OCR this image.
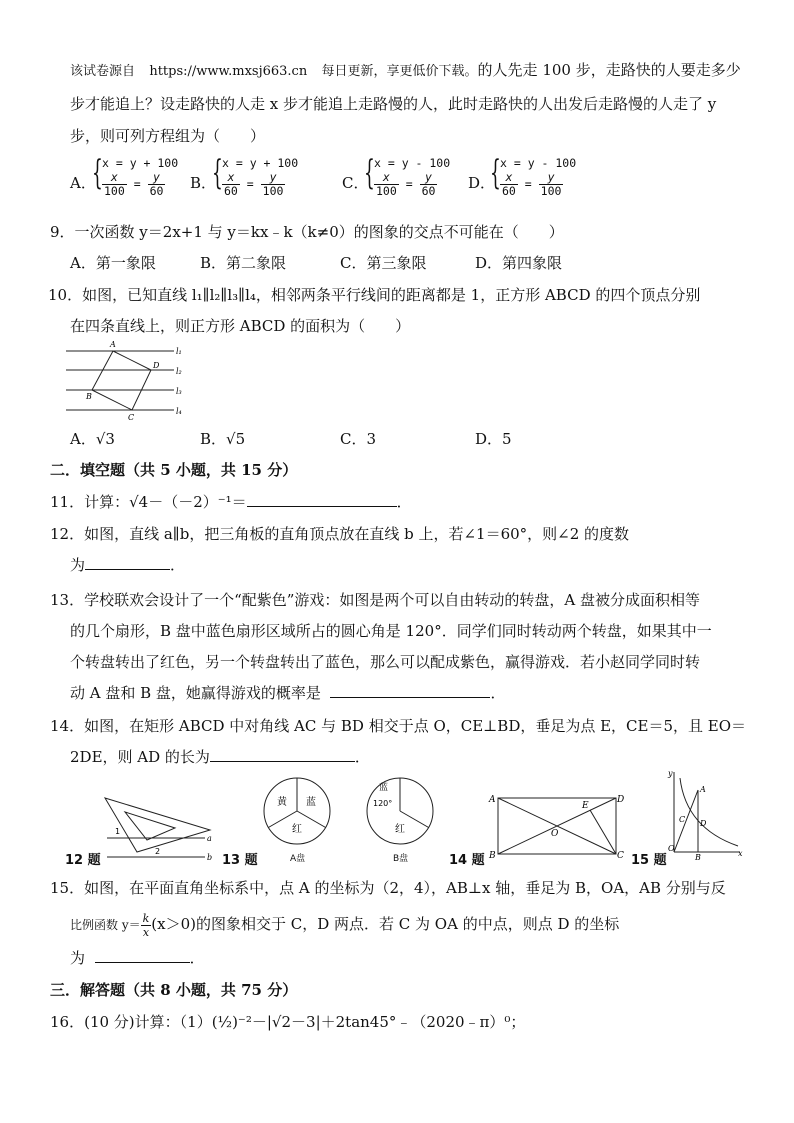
该试卷源自 https://www.mxsj663.cn 每日更新，享更低价下载。的人先走 100 步，走路快的人要走多少
步才能追上？设走路快的人走 x 步才能追上走路慢的人，此时走路快的人出发后走路慢的人走了 y
步，则可列方程组为（　　）
A．
{ x = y + 100
$\frac{x}{100} = \frac{y}{60}$ B．
{ x = y + 100
$\frac{x}{60} = \frac{y}{100}$	C．
{ x = y - 100
$\frac{x}{100} = \frac{y}{60}$ D．
{ x = y - 100
$\frac{x}{60} = \frac{y}{100}$
9．一次函数 y＝2x+1 与 y＝kx﹣k（k≠0）的图象的交点不可能在（　　）
A．第一象限	B．第二象限	C．第三象限	D．第四象限
10．如图，已知直线 l₁∥l₂∥l₃∥l₄，相邻两条平行线间的距离都是 1，正方形 ABCD 的四个顶点分别
在四条直线上，则正方形 ABCD 的面积为（　　）
A
D
B
C
l₁
l₂
l₃
l₄
A．√3	B．√5	C．3	D．5
二．填空题（共 5 小题，共 15 分）
11．计算：√4－（－2）⁻¹＝	．
12．如图，直线 a∥b，把三角板的直角顶点放在直线 b 上，若∠1＝60°，则∠2 的度数
为	．
13．学校联欢会设计了一个“配紫色”游戏：如图是两个可以自由转动的转盘，A 盘被分成面积相等
的几个扇形，B 盘中蓝色扇形区域所占的圆心角是 120°．同学们同时转动两个转盘，如果其中一
个转盘转出了红色，另一个转盘转出了蓝色，那么可以配成紫色，赢得游戏．若小赵同学同时转
动 A 盘和 B 盘，她赢得游戏的概率是	．
14．如图，在矩形 ABCD 中对角线 AC 与 BD 相交于点 O，CE⊥BD，垂足为点 E，CE＝5，且 EO＝
2DE，则 AD 的长为	．
1
2
a
b
12 题	13 题
黄 蓝
红
A盘
蓝
120°
红
B盘
A	D
B	C
E
O
14 题
y
x
A
C D
O
B
15 题
15．如图，在平面直角坐标系中，点 A 的坐标为（2，4），AB⊥x 轴，垂足为 B，OA，AB 分别与反
比例函数 $y= \frac{k}{x} (x>0)$的图象相交于 C，D 两点．若 C 为 OA 的中点，则点 D 的坐标
为	．
三．解答题（共 8 小题，共 75 分）
16．(10 分)计算：（1）(½)⁻²－|√2－3|＋2tan45°﹣（2020﹣π）⁰；
